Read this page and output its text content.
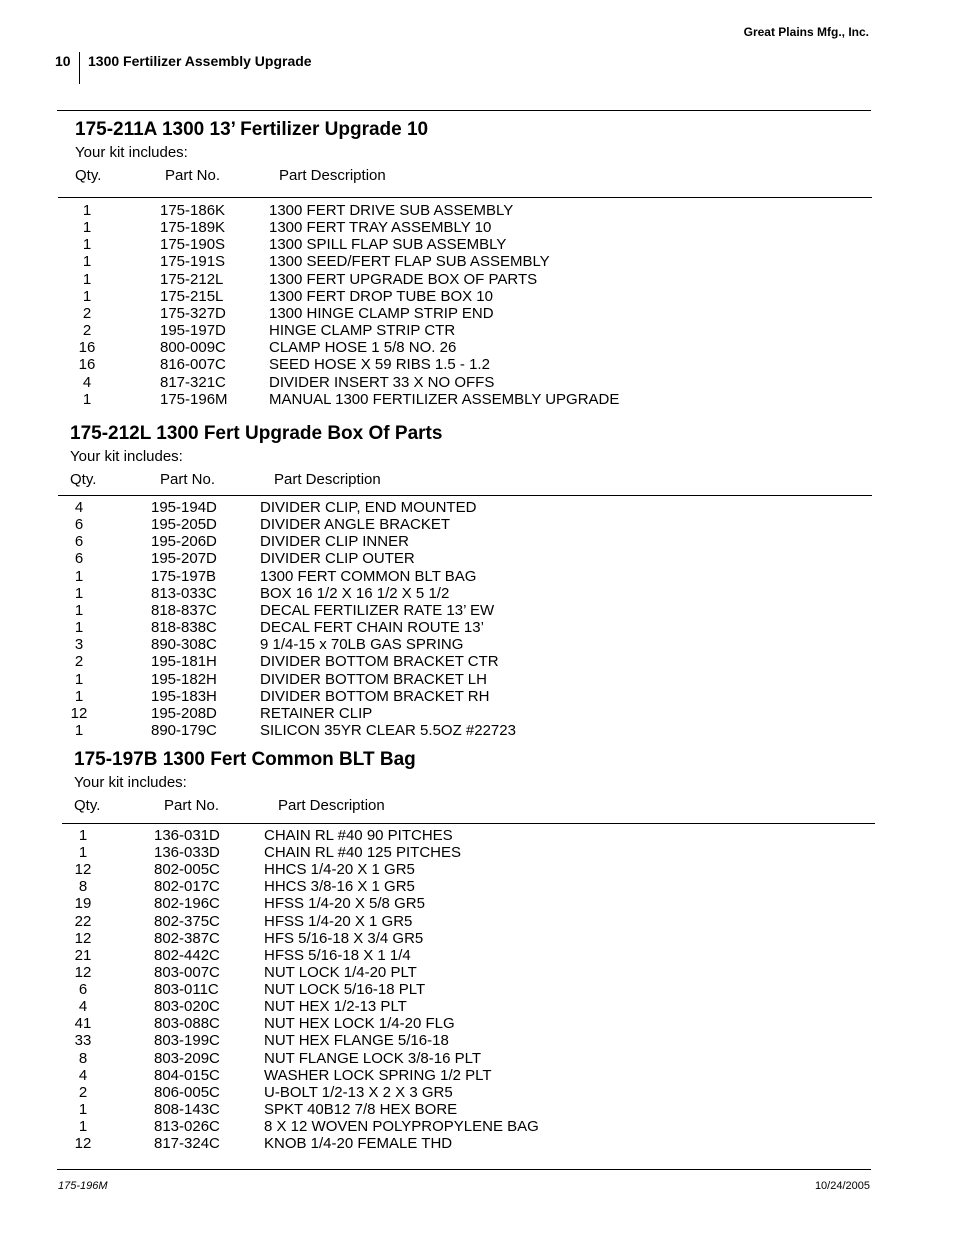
Great Plains Mfg., Inc.
10 1300 Fertilizer Assembly Upgrade
175-211A 1300 13’ Fertilizer Upgrade 10
Your kit includes:
Qty.	Part No.	Part Description
1	175-186K	1300 FERT DRIVE SUB ASSEMBLY
1	175-189K	1300 FERT TRAY ASSEMBLY 10
1	175-190S	1300 SPILL FLAP SUB ASSEMBLY
1	175-191S	1300 SEED/FERT FLAP SUB ASSEMBLY
1	175-212L	1300 FERT UPGRADE BOX OF PARTS
1	175-215L	1300 FERT DROP TUBE BOX 10
2	175-327D	1300 HINGE CLAMP STRIP END
2	195-197D	HINGE CLAMP STRIP CTR
16	800-009C	CLAMP HOSE 1 5/8 NO. 26
16	816-007C	SEED HOSE X 59 RIBS 1.5 - 1.2
4	817-321C	DIVIDER INSERT 33 X NO OFFS
1	175-196M	MANUAL 1300 FERTILIZER ASSEMBLY UPGRADE
175-212L 1300 Fert Upgrade Box Of Parts
Your kit includes:
Qty.	Part No.	Part Description
4	195-194D	DIVIDER CLIP, END MOUNTED
6	195-205D	DIVIDER ANGLE BRACKET
6	195-206D	DIVIDER CLIP INNER
6	195-207D	DIVIDER CLIP OUTER
1	175-197B	1300 FERT COMMON BLT BAG
1	813-033C	BOX 16 1/2 X 16 1/2 X 5 1/2
1	818-837C	DECAL FERTILIZER RATE 13’ EW
1	818-838C	DECAL FERT CHAIN ROUTE 13’
3	890-308C	9 1/4-15 x 70LB GAS SPRING
2	195-181H	DIVIDER BOTTOM BRACKET CTR
1	195-182H	DIVIDER BOTTOM BRACKET LH
1	195-183H	DIVIDER BOTTOM BRACKET RH
12	195-208D	RETAINER CLIP
1	890-179C	SILICON 35YR CLEAR 5.5OZ #22723
175-197B 1300 Fert Common BLT Bag
Your kit includes:
Qty.	Part No.	Part Description
1	136-031D	CHAIN RL #40 90 PITCHES
1	136-033D	CHAIN RL #40 125 PITCHES
12	802-005C	HHCS 1/4-20 X 1 GR5
8	802-017C	HHCS 3/8-16 X 1 GR5
19	802-196C	HFSS 1/4-20 X 5/8 GR5
22	802-375C	HFSS 1/4-20 X 1 GR5
12	802-387C	HFS 5/16-18 X 3/4 GR5
21	802-442C	HFSS 5/16-18 X 1 1/4
12	803-007C	NUT LOCK 1/4-20 PLT
6	803-011C	NUT LOCK 5/16-18 PLT
4	803-020C	NUT HEX 1/2-13 PLT
41	803-088C	NUT HEX LOCK 1/4-20 FLG
33	803-199C	NUT HEX FLANGE 5/16-18
8	803-209C	NUT FLANGE LOCK 3/8-16 PLT
4	804-015C	WASHER LOCK SPRING 1/2 PLT
2	806-005C	U-BOLT 1/2-13 X 2 X 3 GR5
1	808-143C	SPKT 40B12 7/8 HEX BORE
1	813-026C	8 X 12 WOVEN POLYPROPYLENE BAG
12	817-324C	KNOB 1/4-20 FEMALE THD
175-196M	10/24/2005
